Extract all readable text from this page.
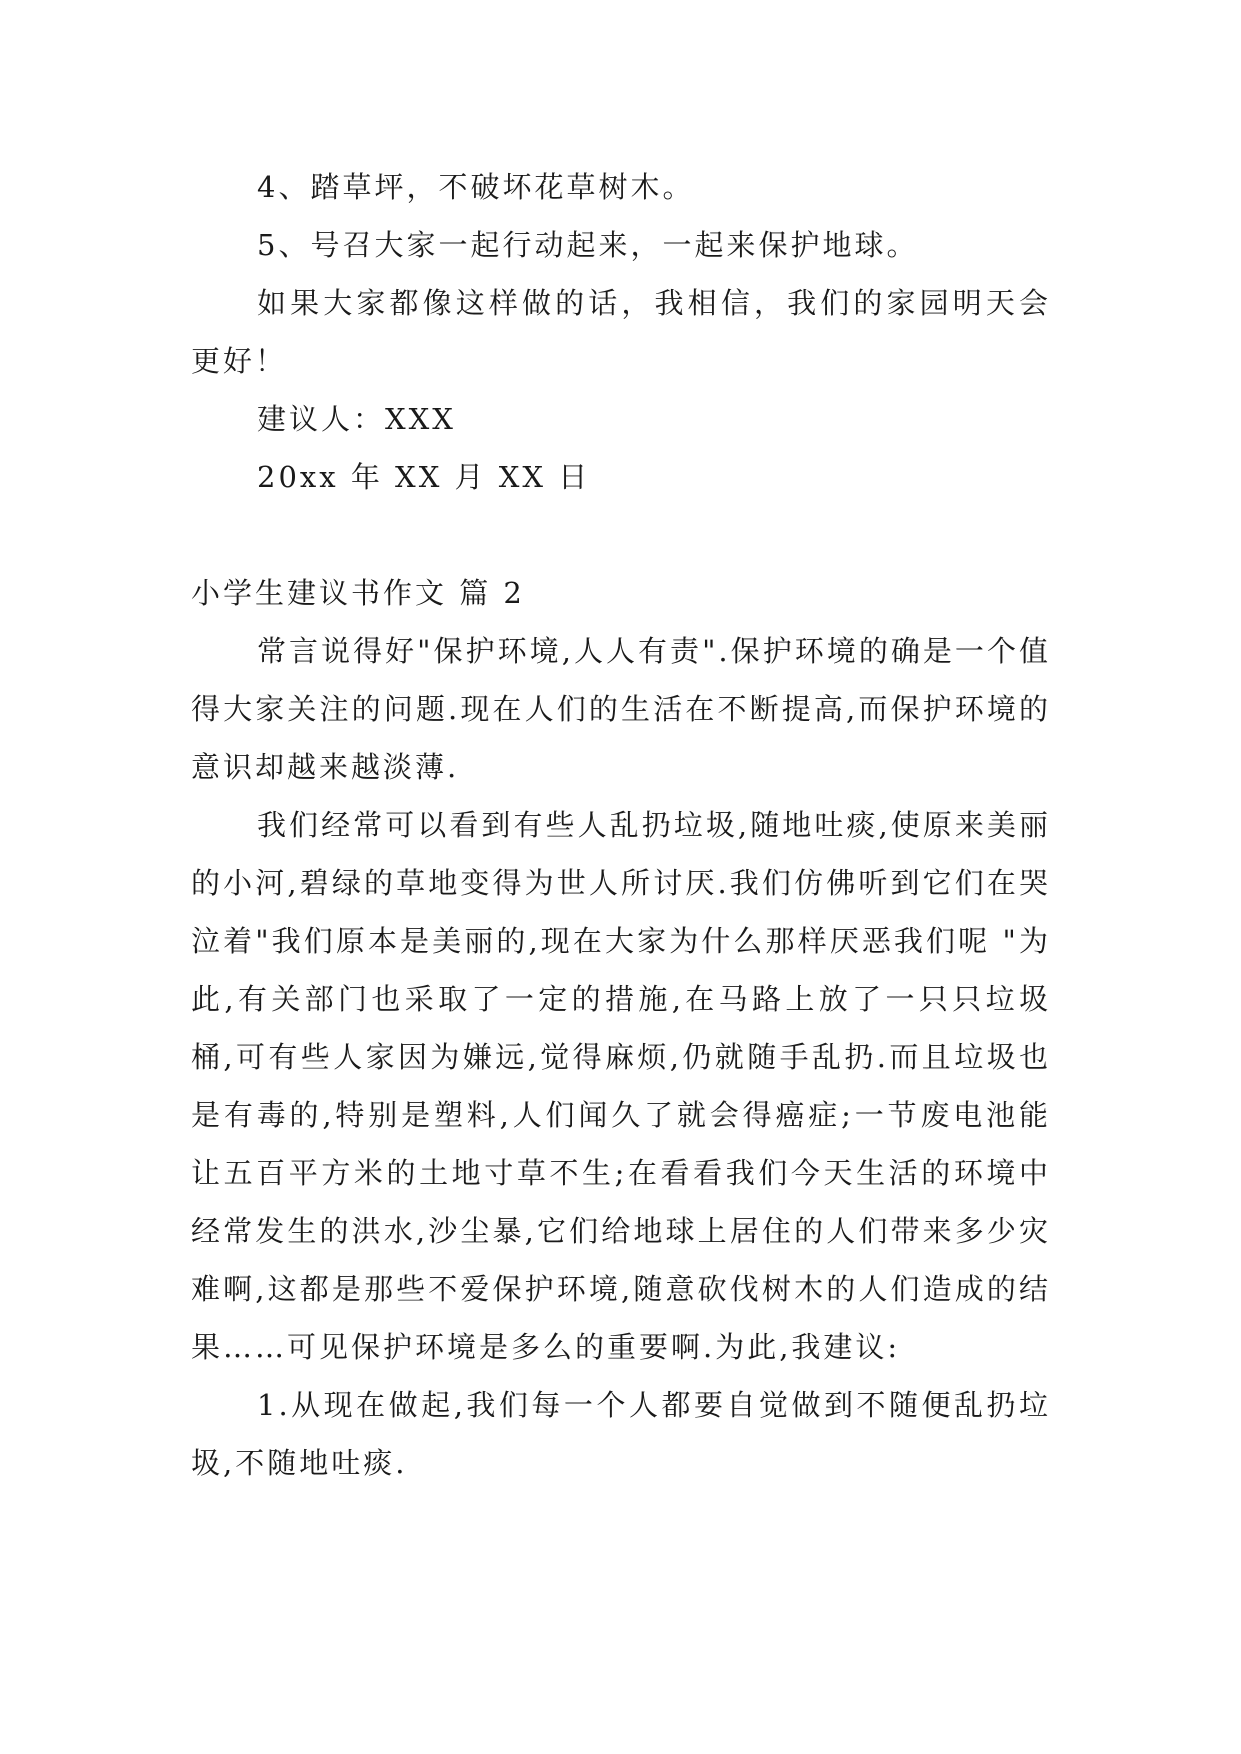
4、踏草坪，不破坏花草树木。

5、号召大家一起行动起来，一起来保护地球。

如果大家都像这样做的话，我相信，我们的家园明天会更好！

建议人：XXX

20xx 年 XX 月 XX 日

小学生建议书作文 篇 2

常言说得好"保护环境,人人有责".保护环境的确是一个值得大家关注的问题.现在人们的生活在不断提高,而保护环境的意识却越来越淡薄.

我们经常可以看到有些人乱扔垃圾,随地吐痰,使原来美丽的小河,碧绿的草地变得为世人所讨厌.我们仿佛听到它们在哭泣着"我们原本是美丽的,现在大家为什么那样厌恶我们呢 "为此,有关部门也采取了一定的措施,在马路上放了一只只垃圾桶,可有些人家因为嫌远,觉得麻烦,仍就随手乱扔.而且垃圾也是有毒的,特别是塑料,人们闻久了就会得癌症;一节废电池能让五百平方米的土地寸草不生;在看看我们今天生活的环境中经常发生的洪水,沙尘暴,它们给地球上居住的人们带来多少灾难啊,这都是那些不爱保护环境,随意砍伐树木的人们造成的结果……可见保护环境是多么的重要啊.为此,我建议:

1.从现在做起,我们每一个人都要自觉做到不随便乱扔垃圾,不随地吐痰.
